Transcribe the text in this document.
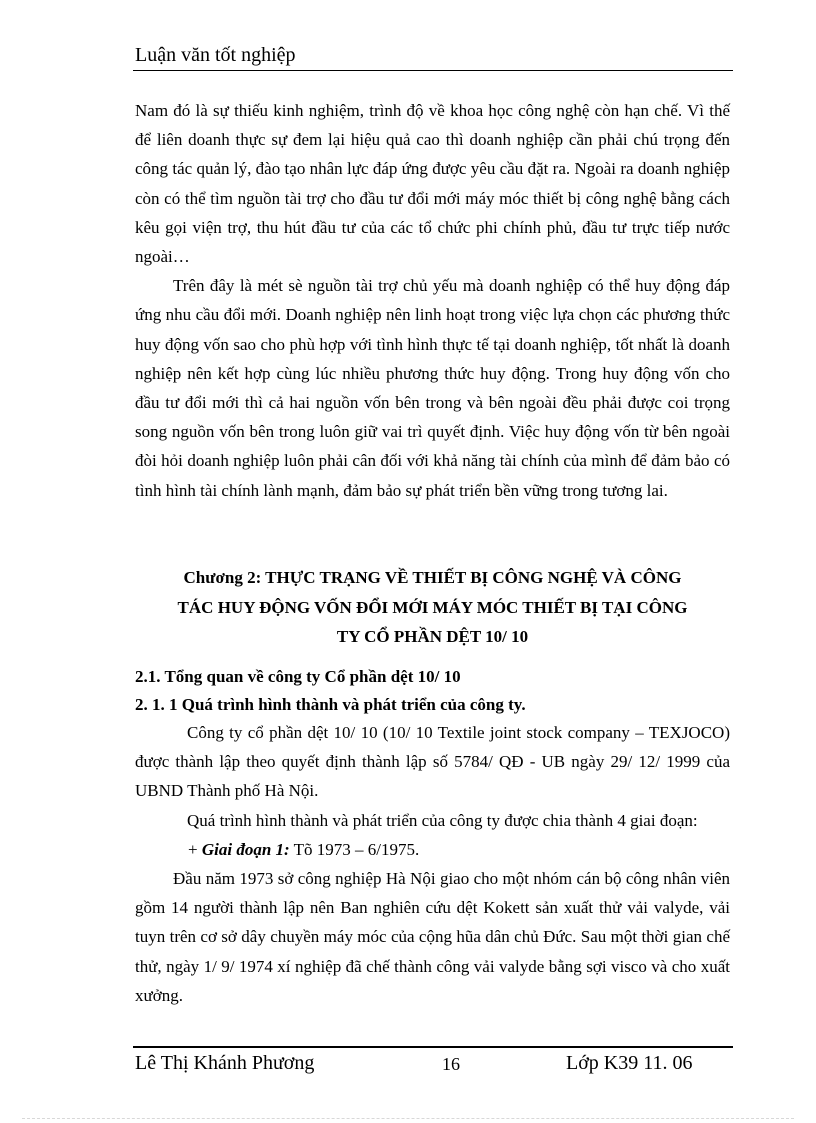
Luận văn tốt nghiệp

Nam đó là sự thiếu kinh nghiệm, trình độ về khoa học công nghệ còn hạn chế. Vì thế để liên doanh thực sự đem lại hiệu quả cao thì doanh nghiệp cần phải chú trọng đến công tác quản lý, đào tạo nhân lực đáp ứng được yêu cầu đặt ra. Ngoài ra doanh nghiệp còn có thể tìm nguồn tài trợ cho đầu tư đổi mới máy móc thiết bị công nghệ bằng cách kêu gọi viện trợ, thu hút đầu tư của các tổ chức phi chính phủ, đầu tư trực tiếp nước ngoài…

Trên đây là mét sè nguồn tài trợ chủ yếu mà doanh nghiệp có thể huy động đáp ứng nhu cầu đổi mới. Doanh nghiệp nên linh hoạt trong việc lựa chọn các phương thức huy động vốn sao cho phù hợp với tình hình thực tế tại doanh nghiệp, tốt nhất là doanh nghiệp nên kết hợp cùng lúc nhiều phương thức huy động. Trong huy động vốn cho đầu tư đổi mới thì cả hai nguồn vốn bên trong và bên ngoài đều phải được coi trọng song nguồn vốn bên trong luôn giữ vai trì quyết định. Việc huy động vốn từ bên ngoài đòi hỏi doanh nghiệp luôn phải cân đối với khả năng tài chính của mình để đảm bảo có tình hình tài chính lành mạnh, đảm bảo sự phát triển bền vững trong tương lai.

Chương 2: THỰC TRẠNG VỀ THIẾT BỊ CÔNG NGHỆ VÀ CÔNG
TÁC HUY ĐỘNG VỐN ĐỔI MỚI MÁY MÓC THIẾT BỊ TẠI CÔNG
TY CỔ PHẦN DỆT 10/ 10
2.1. Tổng quan về công ty Cổ phần dệt 10/ 10
2. 1. 1 Quá trình hình thành và phát triển của công ty.

Công ty cổ phần dệt 10/ 10 (10/ 10 Textile joint stock company – TEXJOCO) được thành lập theo quyết định thành lập số 5784/ QĐ - UB ngày 29/ 12/ 1999 của UBND Thành phố Hà Nội.

Quá trình hình thành và phát triển của công ty được chia thành 4 giai đoạn:

+ Giai đoạn 1: Tõ 1973 – 6/1975.

Đầu năm 1973 sở công nghiệp Hà Nội giao cho một nhóm cán bộ công nhân viên gồm 14 người thành lập nên Ban nghiên cứu dệt Kokett sản xuất thử vải valyde, vải tuyn trên cơ sở dây chuyền máy móc của cộng hũa dân chủ Đức. Sau một thời gian chế thử, ngày 1/ 9/ 1974 xí nghiệp đã chế thành công vải valyde bằng sợi visco và cho xuất xưởng.

Lê Thị Khánh Phương	16	Lớp K39 11. 06
